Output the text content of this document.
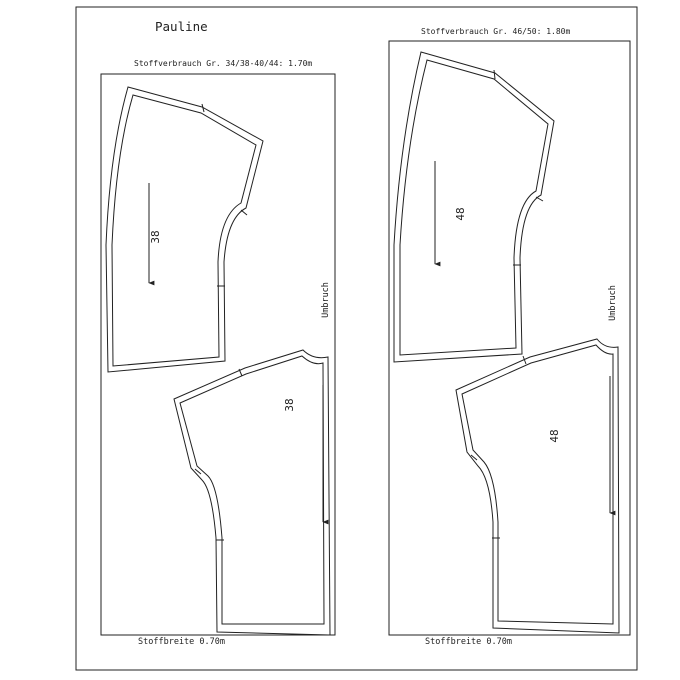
Pauline
Stoffverbrauch Gr. 34/38-40/44: 1.70m
38
38
Umbruch
Stoffbreite 0.70m
Stoffverbrauch Gr. 46/50: 1.80m
48
48
Umbruch
Stoffbreite 0.70m
